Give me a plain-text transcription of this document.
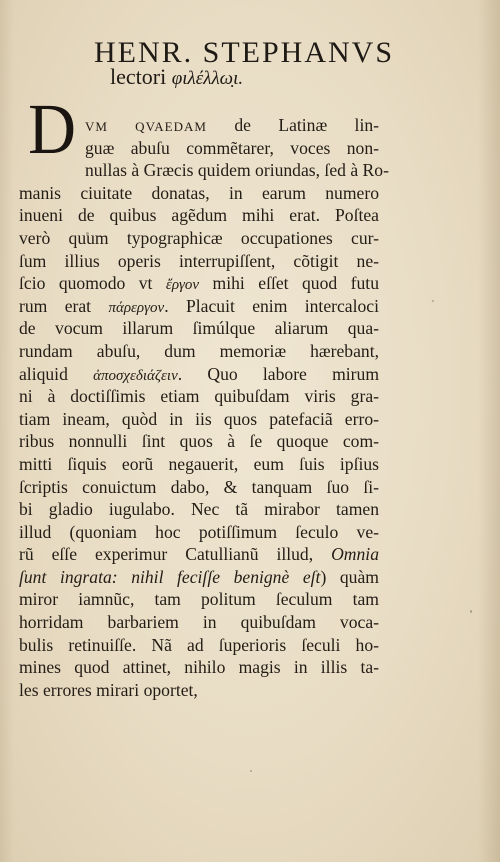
HENR. STEPHANVS
lectori φιλέλλω̣ι.
D VM QVAEDAM de Latinæ lin-
guæ abuſu commẽtarer, voces non-
nullas à Græcis quidem oriundas, ſed à Ro-
manis ciuitate donatas, in earum numero
inueni de quibus agẽdum mihi erat. Poſtea
verò quum typographicæ occupationes cur-
ſum illius operis interrupiſſent, cõtigit ne-
ſcio quomodo vt ἔργον mihi eſſet quod futu
rum erat πάρεργον. Placuit enim intercaloci
de vocum illarum ſimúlque aliarum qua-
rundam abuſu, dum memoriæ hærebant,
aliquid ἀποσχεδιάζειν. Quo labore mirum
ni à doctiſſimis etiam quibuſdam viris gra-
tiam ineam, quòd in iis quos patefaciã erro-
ribus nonnulli ſint quos à ſe quoque com-
mitti ſiquis eorũ negauerit, eum ſuis ipſius
ſcriptis conuictum dabo, & tanquam ſuo ſi-
bi gladio iugulabo. Nec tã mirabor tamen
illud (quoniam hoc potiſſimum ſeculo ve-
rũ eſſe experimur Catullianũ illud, Omnia
ſunt ingrata: nihil feciſſe benignè eſt) quàm
miror iamnũc, tam politum ſeculum tam
horridam barbariem in quibuſdam voca-
bulis retinuiſſe. Nã ad ſuperioris ſeculi ho-
mines quod attinet, nihilo magis in illis ta-
les errores mirari oportet,
